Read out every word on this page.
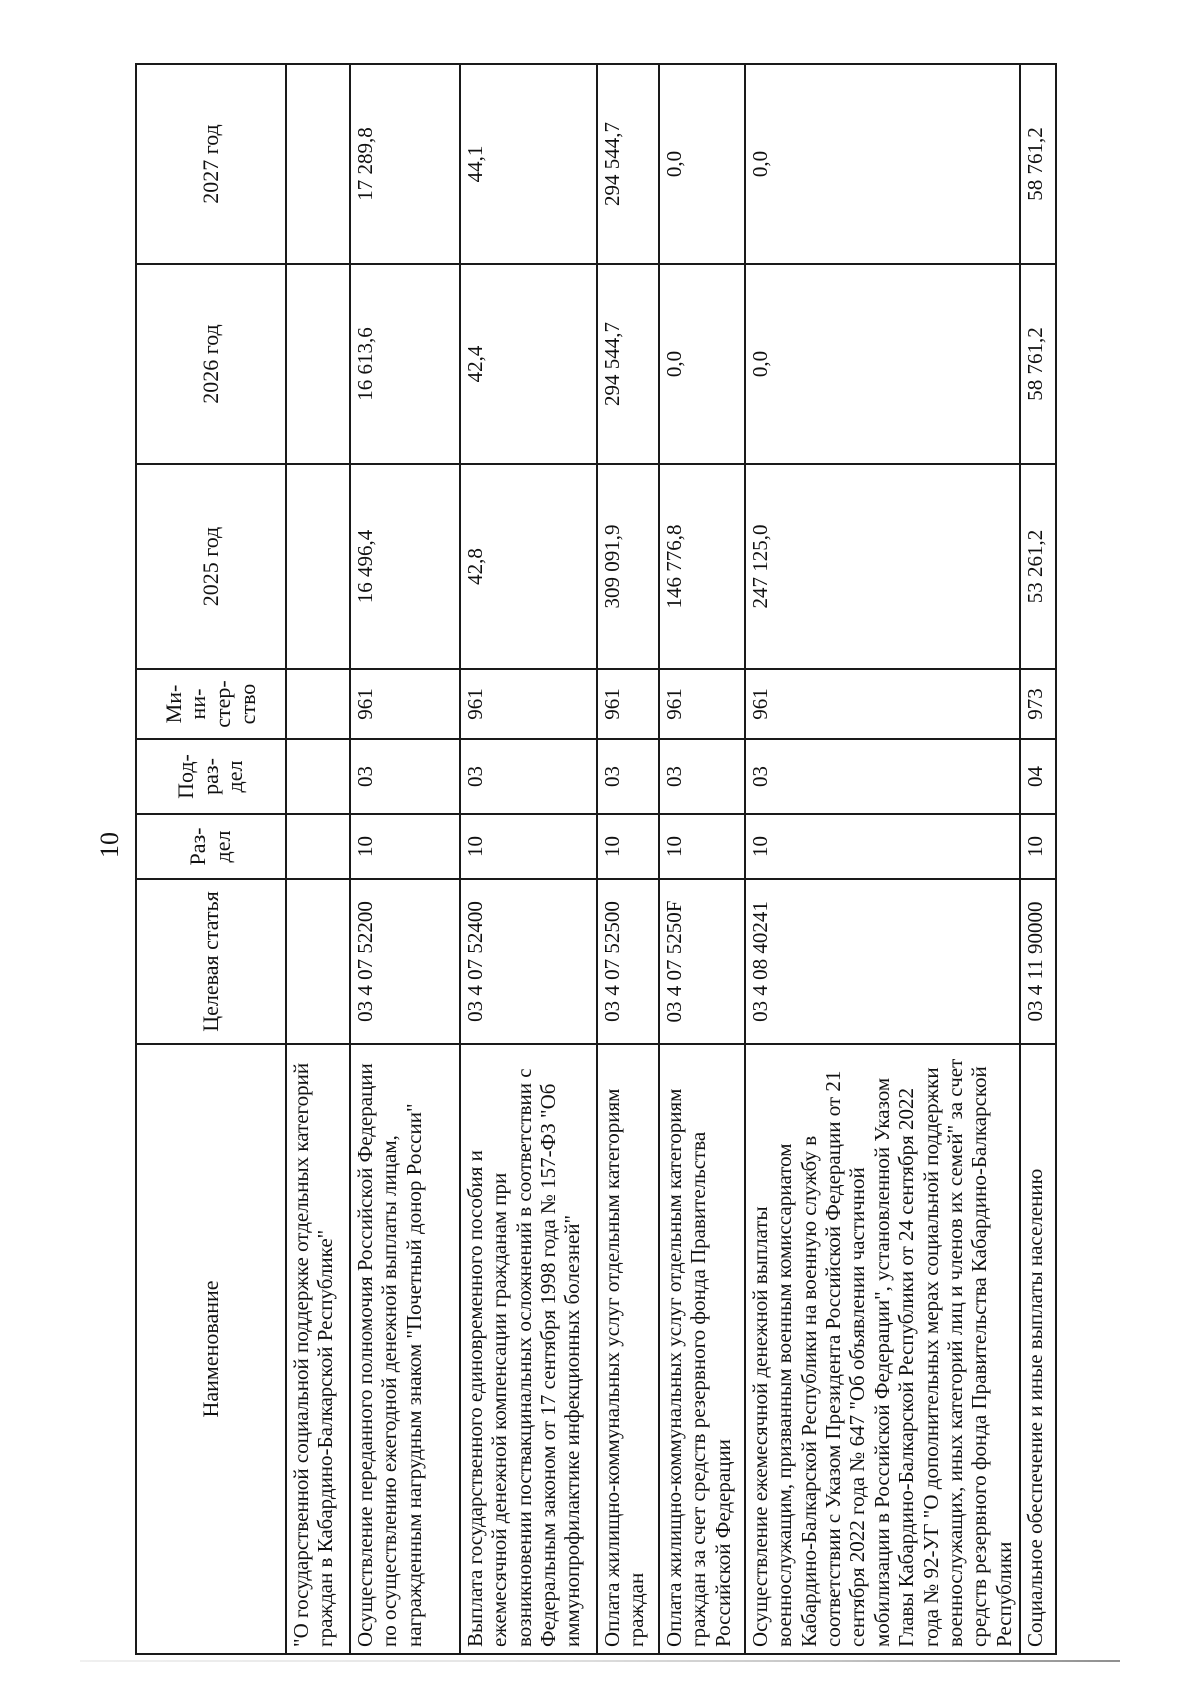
10
Наименование	Целевая статья	Раз-дел	Под-раз-дел	Ми-ни-стер-ство	2025 год	2026 год	2027 год
"О государственной социальной поддержке отдельных категорий граждан в Кабардино-Балкарской Республике"							
Осуществление переданного полномочия Российской Федерации по осуществлению ежегодной денежной выплаты лицам, награжденным нагрудным знаком "Почетный донор России"	03 4 07 52200	10	03	961	16 496,4	16 613,6	17 289,8
Выплата государственного единовременного пособия и ежемесячной денежной компенсации гражданам при возникновении поствакцинальных осложнений в соответствии с Федеральным законом от 17 сентября 1998 года № 157-ФЗ "Об иммунопрофилактике инфекционных болезней"	03 4 07 52400	10	03	961	42,8	42,4	44,1
Оплата жилищно-коммунальных услуг отдельным категориям граждан	03 4 07 52500	10	03	961	309 091,9	294 544,7	294 544,7
Оплата жилищно-коммунальных услуг отдельным категориям граждан за счет средств резервного фонда Правительства Российской Федерации	03 4 07 5250F	10	03	961	146 776,8	0,0	0,0
Осуществление ежемесячной денежной выплаты военнослужащим, призванным военным комиссариатом Кабардино-Балкарской Республики на военную службу в соответствии с Указом Президента Российской Федерации от 21 сентября 2022 года № 647 "Об объявлении частичной мобилизации в Российской Федерации", установленной Указом Главы Кабардино-Балкарской Республики от 24 сентября 2022 года № 92-УГ "О дополнительных мерах социальной поддержки военнослужащих, иных категорий лиц и членов их семей" за счет средств резервного фонда Правительства Кабардино-Балкарской Республики	03 4 08 40241	10	03	961	247 125,0	0,0	0,0
Социальное обеспечение и иные выплаты населению	03 4 11 90000	10	04	973	53 261,2	58 761,2	58 761,2
